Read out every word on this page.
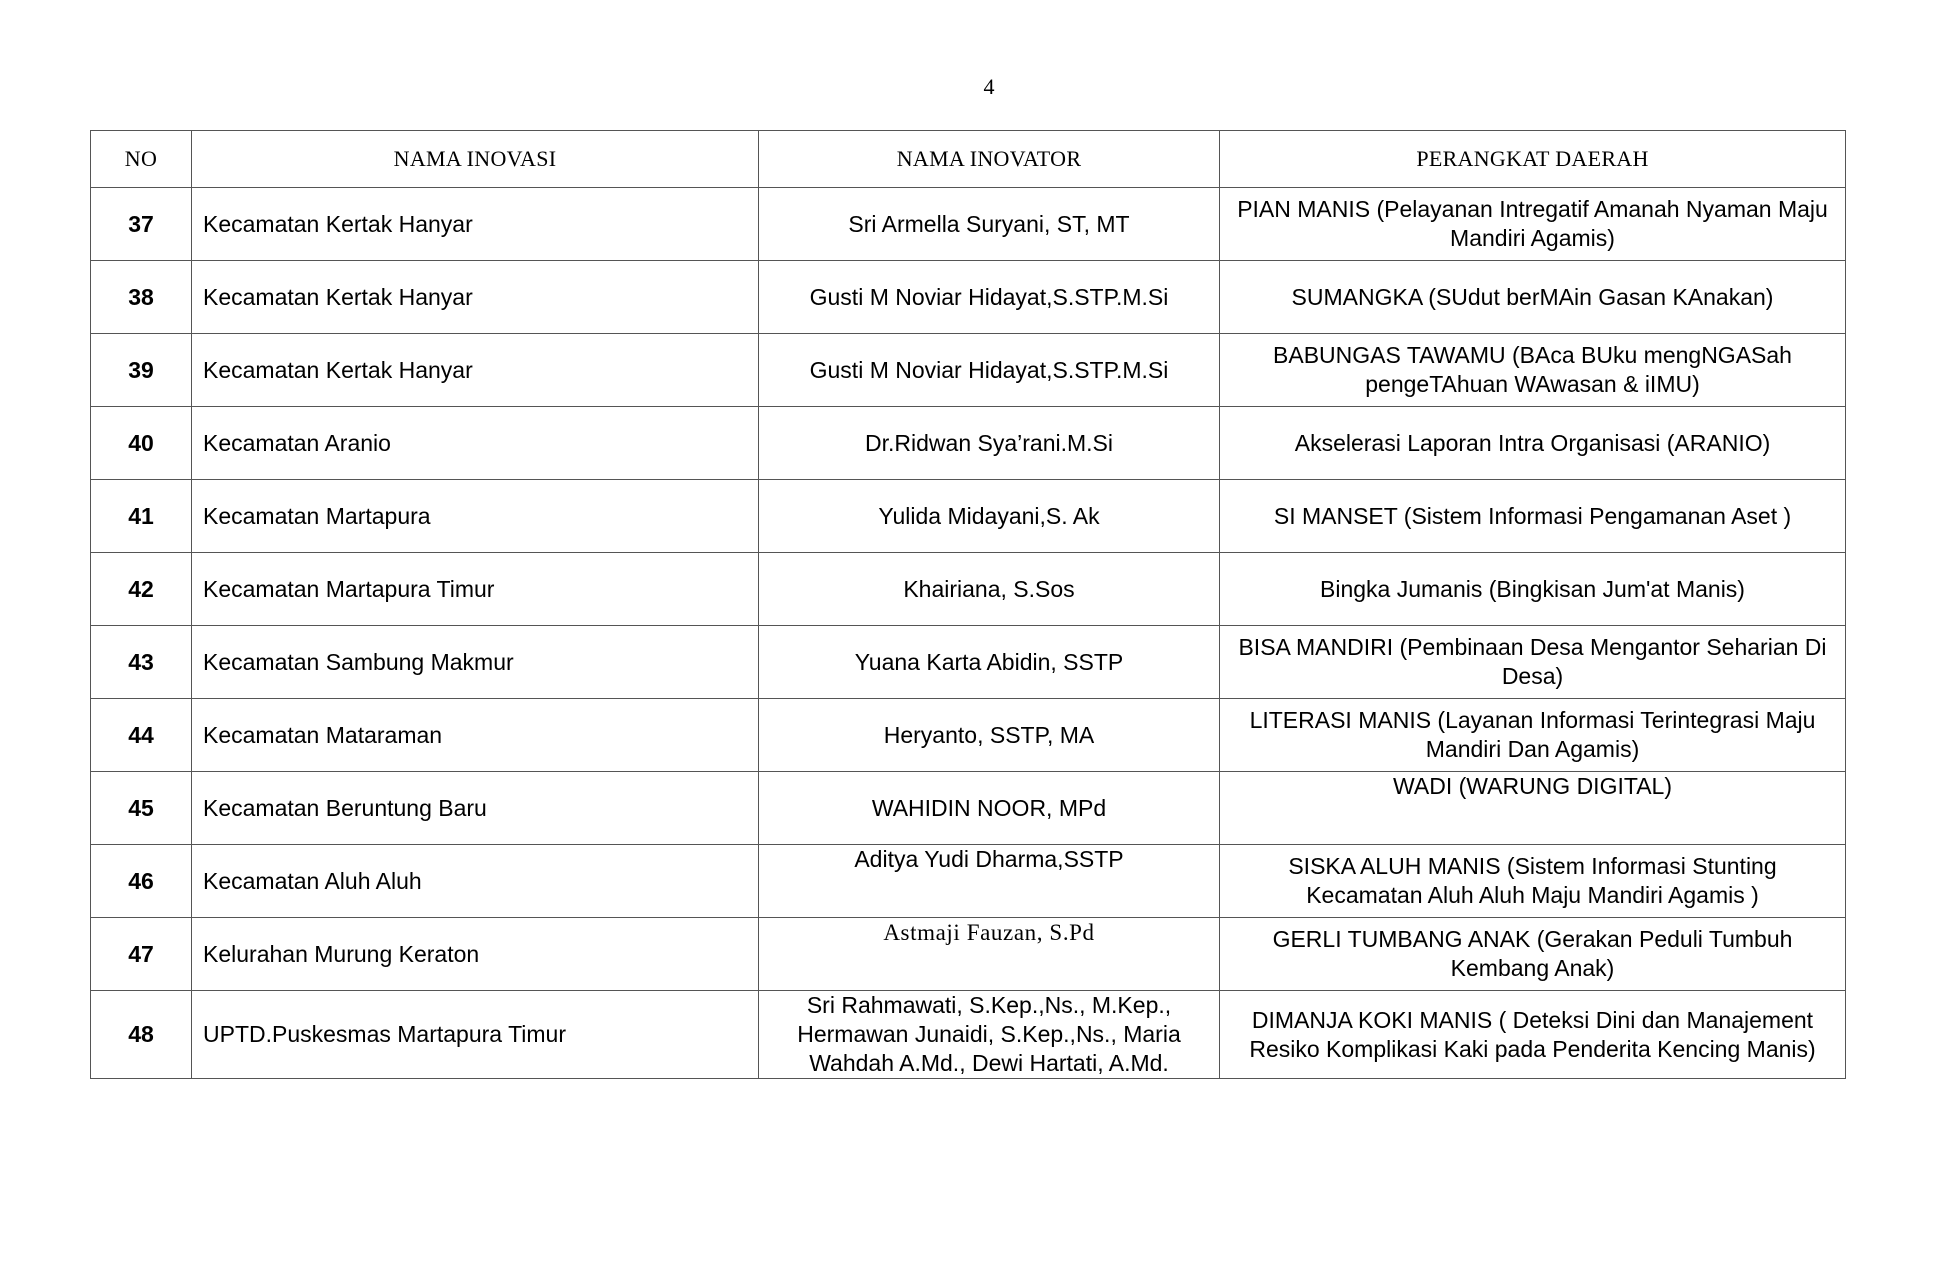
4
NO	NAMA INOVASI	NAMA INOVATOR	PERANGKAT DAERAH
37	Kecamatan Kertak Hanyar	Sri Armella Suryani, ST, MT	PIAN MANIS (Pelayanan Intregatif Amanah Nyaman Maju Mandiri Agamis)
38	Kecamatan Kertak Hanyar	Gusti M Noviar Hidayat,S.STP.M.Si	SUMANGKA (SUdut berMAin Gasan KAnakan)
39	Kecamatan Kertak Hanyar	Gusti M Noviar Hidayat,S.STP.M.Si	BABUNGAS TAWAMU (BAca BUku mengNGASah pengeTAhuan WAwasan & iIMU)
40	Kecamatan Aranio	Dr.Ridwan Sya’rani.M.Si	Akselerasi Laporan Intra Organisasi (ARANIO)
41	Kecamatan Martapura	Yulida Midayani,S. Ak	SI MANSET (Sistem Informasi Pengamanan Aset )
42	Kecamatan Martapura Timur	Khairiana, S.Sos	Bingka Jumanis (Bingkisan Jum'at Manis)
43	Kecamatan Sambung Makmur	Yuana Karta Abidin, SSTP	BISA MANDIRI (Pembinaan Desa Mengantor Seharian Di Desa)
44	Kecamatan Mataraman	Heryanto, SSTP, MA	LITERASI MANIS (Layanan Informasi Terintegrasi Maju Mandiri Dan Agamis)
45	Kecamatan Beruntung Baru	WAHIDIN NOOR, MPd	WADI (WARUNG DIGITAL)
46	Kecamatan Aluh Aluh	Aditya Yudi Dharma,SSTP	SISKA ALUH MANIS (Sistem Informasi Stunting Kecamatan Aluh Aluh Maju Mandiri Agamis )
47	Kelurahan Murung Keraton	Astmaji Fauzan, S.Pd	GERLI TUMBANG ANAK (Gerakan Peduli Tumbuh Kembang Anak)
48	UPTD.Puskesmas Martapura Timur	Sri Rahmawati, S.Kep.,Ns., M.Kep., Hermawan Junaidi, S.Kep.,Ns., Maria Wahdah A.Md., Dewi Hartati, A.Md.	DIMANJA KOKI MANIS ( Deteksi Dini dan Manajement Resiko Komplikasi Kaki pada Penderita Kencing Manis)
